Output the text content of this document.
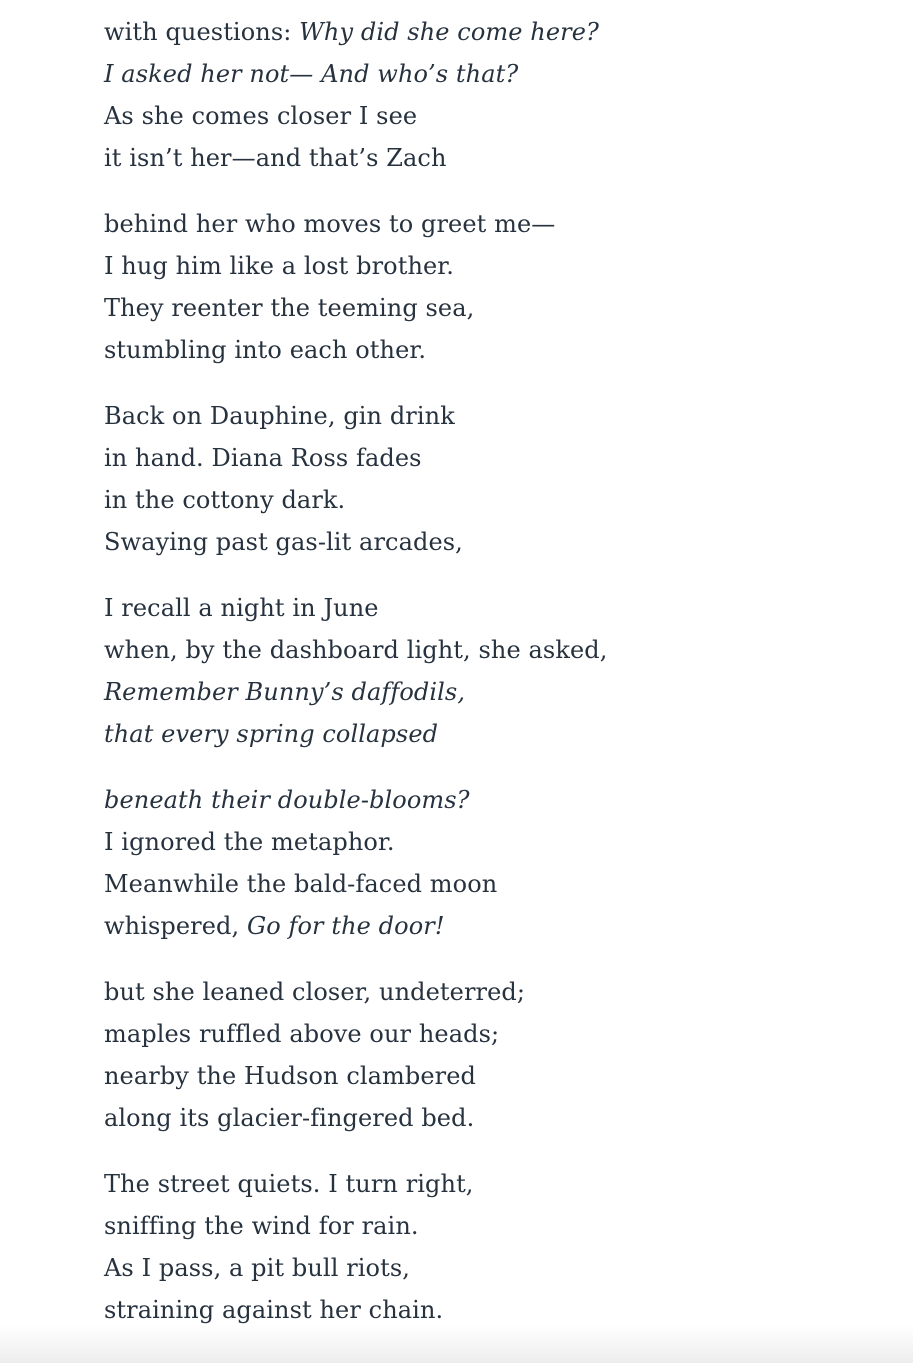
with questions: Why did she come here?
I asked her not— And who’s that?
As she comes closer I see
it isn’t her—and that’s Zach
behind her who moves to greet me—
I hug him like a lost brother.
They reenter the teeming sea,
stumbling into each other.
Back on Dauphine, gin drink
in hand. Diana Ross fades
in the cottony dark.
Swaying past gas-lit arcades,
I recall a night in June
when, by the dashboard light, she asked,
Remember Bunny’s daffodils,
that every spring collapsed
beneath their double-blooms?
I ignored the metaphor.
Meanwhile the bald-faced moon
whispered, Go for the door!
but she leaned closer, undeterred;
maples ruffled above our heads;
nearby the Hudson clambered
along its glacier-fingered bed.
The street quiets. I turn right,
sniffing the wind for rain.
As I pass, a pit bull riots,
straining against her chain.
